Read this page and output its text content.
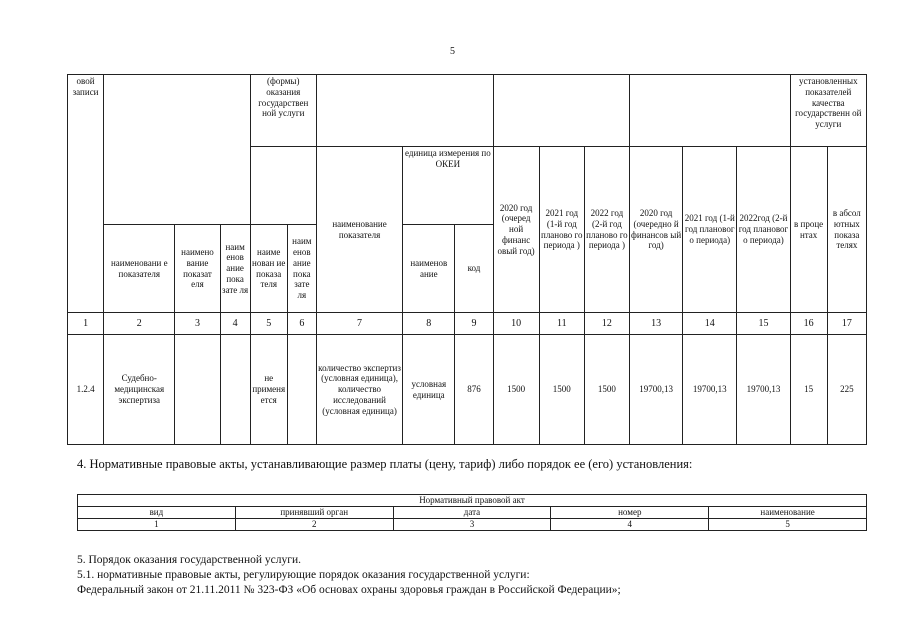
5
овой записи				(формы) оказания государствен ной услуги											установленных показателей качества государственн ой услуги	
						наименование показателя	единица измерения по ОКЕИ		2020 год (очеред ной финанс овый год)	2021 год (1-й год планово го периода )	2022 год (2-й год планово го периода )	2020 год (очередно й финансов ый год)	2021 год (1-й год плановог о периода)	2022год (2-й год плановог о периода)	в проце нтах	в абсол ютных показа телях
	наименовани е показателя	наимено вание показат еля	наим енов ание пока зате ля	наиме нован ие показа теля	наим енов ание пока зате ля		наименов ание	код								
1	2	3	4	5	6	7	8	9	10	11	12	13	14	15	16	17
1.2.4	Судебно-медицинская экспертиза			не применяется		количество экспертиз (условная единица), количество исследований (условная единица)	условная единица	876	1500	1500	1500	19700,13	19700,13	19700,13	15	225
4. Нормативные правовые акты, устанавливающие размер платы (цену, тариф) либо порядок ее (его) установления:
Нормативный правовой акт				
вид	принявший орган	дата	номер	наименование
1	2	3	4	5
5. Порядок оказания государственной услуги.
5.1. нормативные правовые акты, регулирующие порядок оказания государственной услуги:
Федеральный закон от 21.11.2011 № 323-ФЗ «Об основах охраны здоровья граждан в Российской Федерации»;
